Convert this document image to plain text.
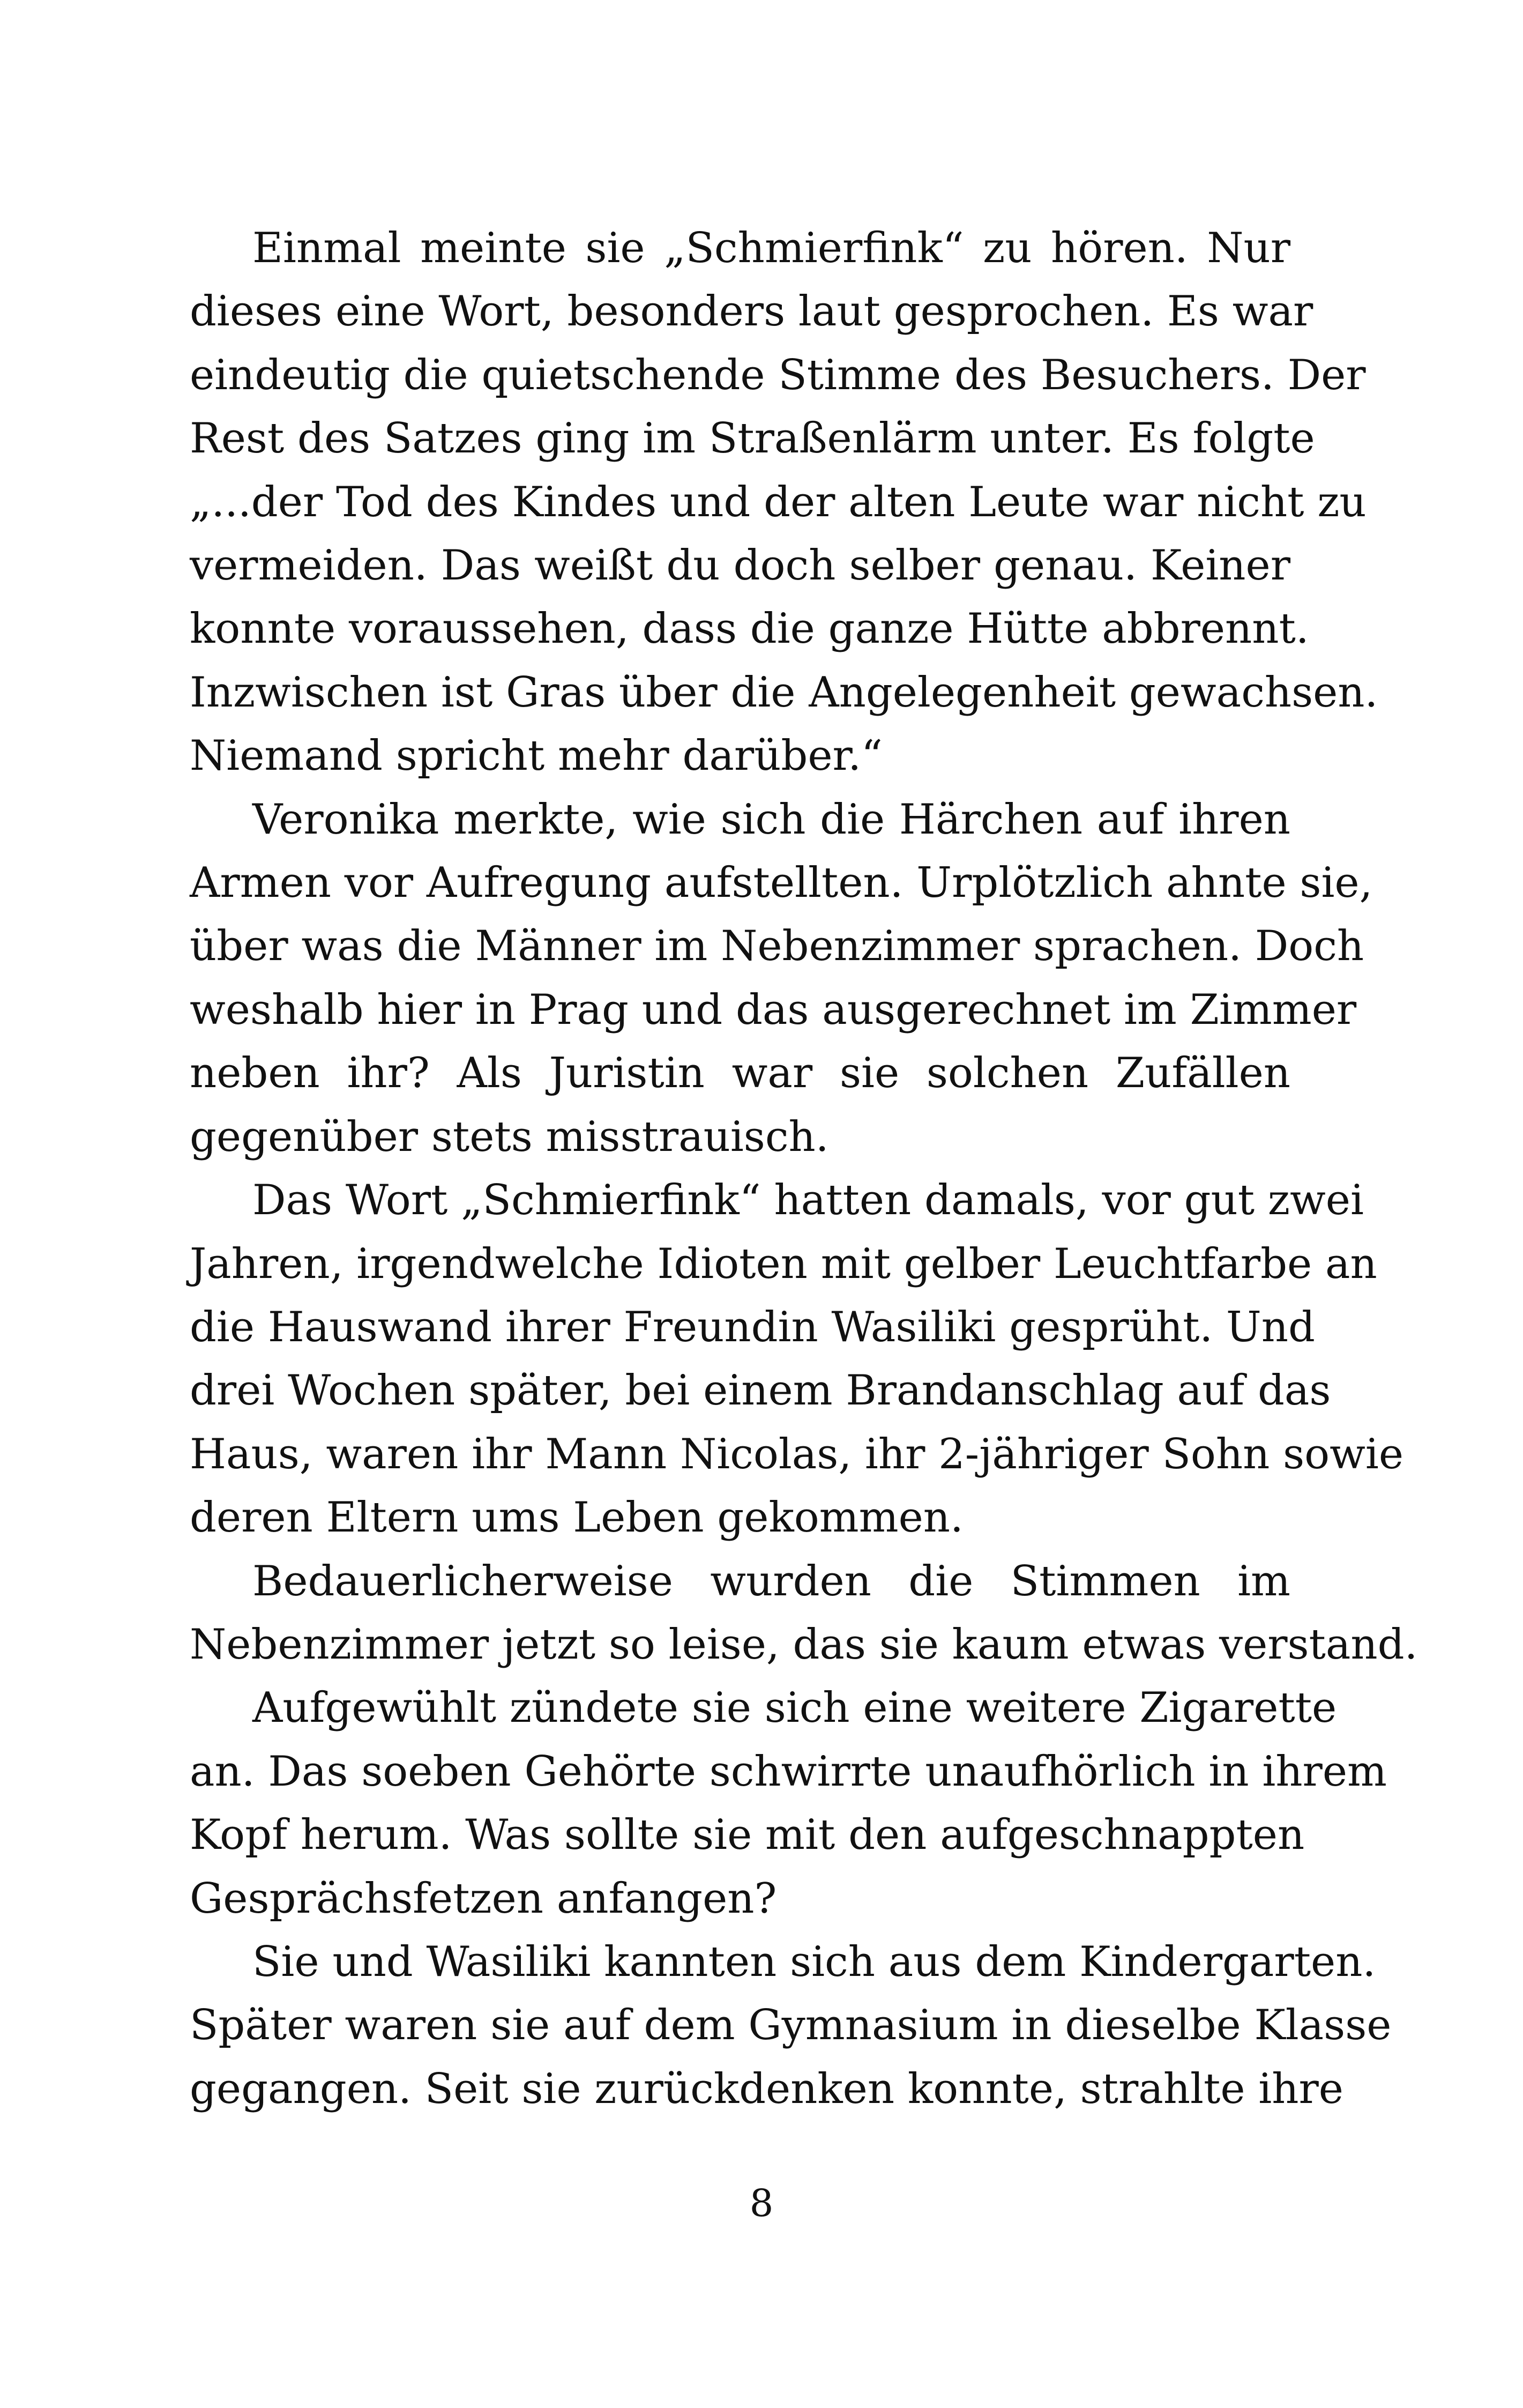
Einmal meinte sie „Schmierfink“ zu hören. Nur
dieses eine Wort, besonders laut gesprochen. Es war
eindeutig die quietschende Stimme des Besuchers. Der
Rest des Satzes ging im Straßenlärm unter. Es folgte
„...der Tod des Kindes und der alten Leute war nicht zu
vermeiden. Das weißt du doch selber genau. Keiner
konnte voraussehen, dass die ganze Hütte abbrennt.
Inzwischen ist Gras über die Angelegenheit gewachsen.
Niemand spricht mehr darüber.“
Veronika merkte, wie sich die Härchen auf ihren
Armen vor Aufregung aufstellten. Urplötzlich ahnte sie,
über was die Männer im Nebenzimmer sprachen. Doch
weshalb hier in Prag und das ausgerechnet im Zimmer
neben ihr? Als Juristin war sie solchen Zufällen
gegenüber stets misstrauisch.
Das Wort „Schmierfink“ hatten damals, vor gut zwei
Jahren, irgendwelche Idioten mit gelber Leuchtfarbe an
die Hauswand ihrer Freundin Wasiliki gesprüht. Und
drei Wochen später, bei einem Brandanschlag auf das
Haus, waren ihr Mann Nicolas, ihr 2-jähriger Sohn sowie
deren Eltern ums Leben gekommen.
Bedauerlicherweise wurden die Stimmen im
Nebenzimmer jetzt so leise, das sie kaum etwas verstand.
Aufgewühlt zündete sie sich eine weitere Zigarette
an. Das soeben Gehörte schwirrte unaufhörlich in ihrem
Kopf herum. Was sollte sie mit den aufgeschnappten
Gesprächsfetzen anfangen?
Sie und Wasiliki kannten sich aus dem Kindergarten.
Später waren sie auf dem Gymnasium in dieselbe Klasse
gegangen. Seit sie zurückdenken konnte, strahlte ihre
8
